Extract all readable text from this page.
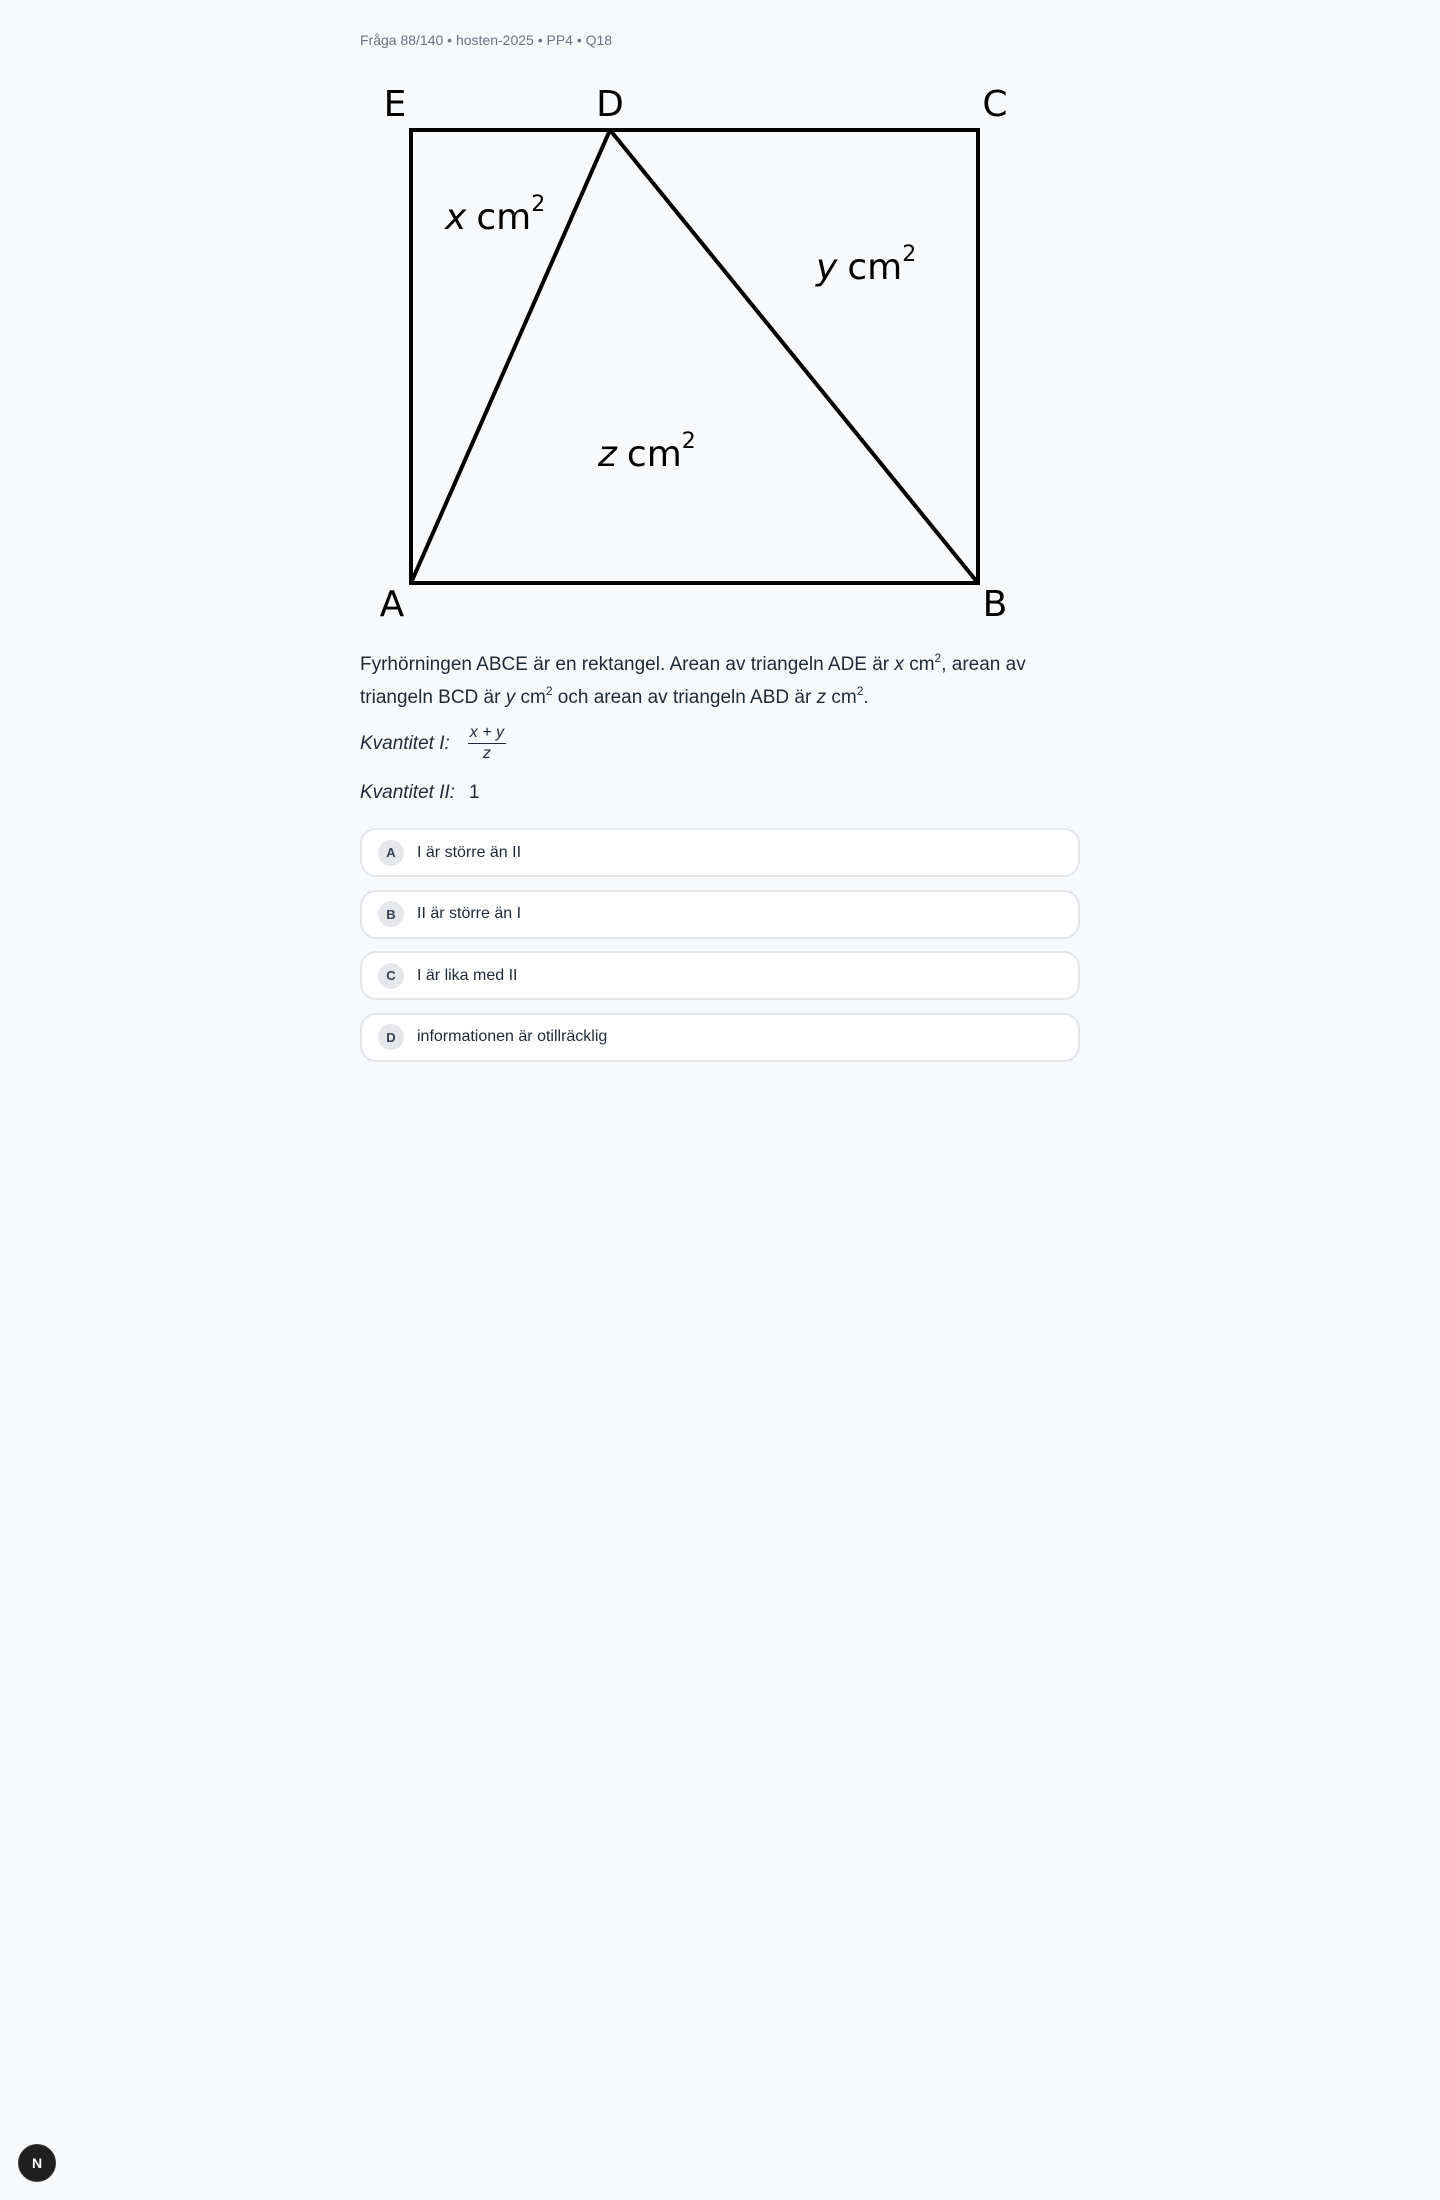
Fråga 88/140 • hosten-2025 • PP4 • Q18
E	D	C
A	B
x $cm^2$
y $cm^2$
z $cm^2$
Fyrhörningen ABCE är en rektangel. Arean av triangeln ADE är x $cm^2$, arean av triangeln BCD är y $cm^2$ och arean av triangeln ABD är z $cm^2$.
Kvantitet I: $\frac{x + y}{z}$
Kvantitet II: 1
A	I är större än II
B	II är större än I
C	I är lika med II
D	informationen är otillräcklig
N
